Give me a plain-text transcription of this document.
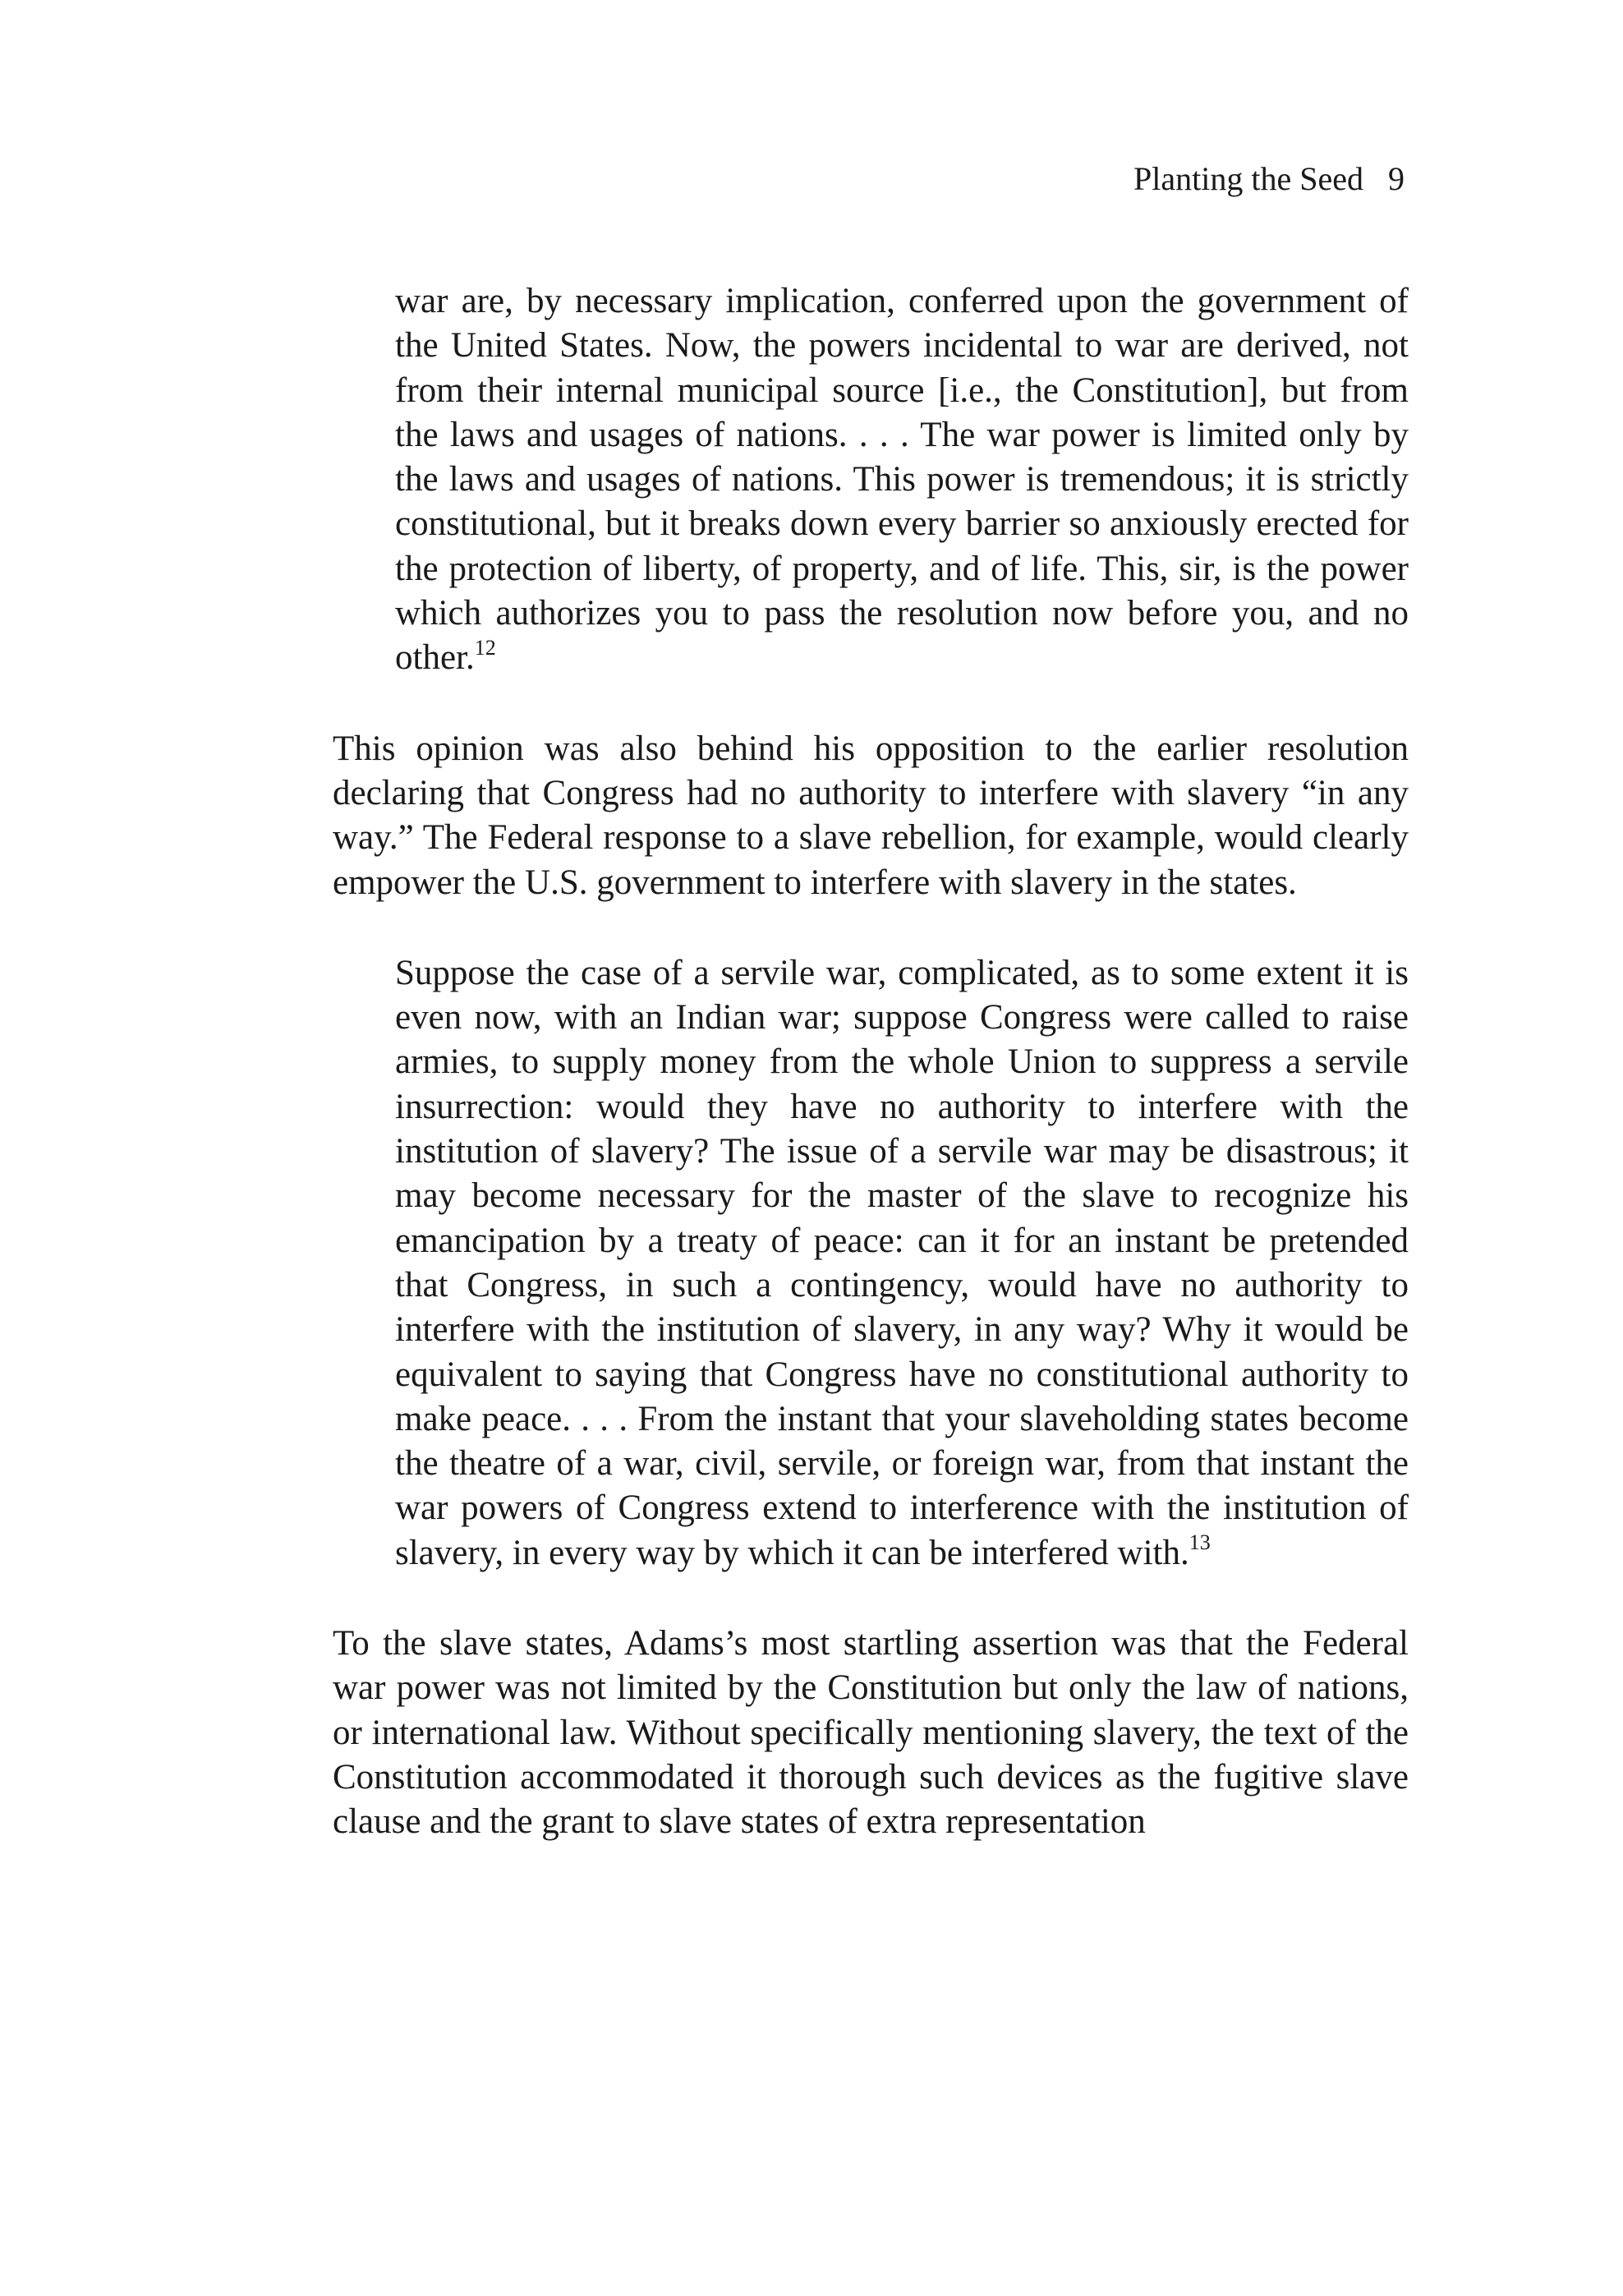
Planting the Seed 9

war are, by necessary implication, conferred upon the government of the United States. Now, the powers incidental to war are derived, not from their internal municipal source [i.e., the Constitution], but from the laws and usages of nations. . . . The war power is limited only by the laws and usages of nations. This power is tremendous; it is strictly constitutional, but it breaks down every barrier so anxiously erected for the protection of liberty, of property, and of life. This, sir, is the power which authorizes you to pass the resolution now before you, and no other.$^{12}$

This opinion was also behind his opposition to the earlier resolution declaring that Congress had no authority to interfere with slavery “in any way.” The Federal response to a slave rebellion, for example, would clearly empower the U.S. government to interfere with slavery in the states.

Suppose the case of a servile war, complicated, as to some extent it is even now, with an Indian war; suppose Congress were called to raise armies, to supply money from the whole Union to suppress a servile insurrection: would they have no authority to interfere with the institution of slavery? The issue of a servile war may be disastrous; it may become necessary for the master of the slave to recognize his emancipation by a treaty of peace: can it for an instant be pretended that Congress, in such a contingency, would have no authority to interfere with the institution of slavery, in any way? Why it would be equivalent to saying that Congress have no constitutional authority to make peace. . . . From the instant that your slaveholding states become the theatre of a war, civil, servile, or foreign war, from that instant the war powers of Congress extend to interference with the institution of slavery, in every way by which it can be interfered with.$^{13}$

To the slave states, Adams’s most startling assertion was that the Federal war power was not limited by the Constitution but only the law of nations, or international law. Without specifically mentioning slavery, the text of the Constitution accommodated it thorough such devices as the fugitive slave clause and the grant to slave states of extra representation
